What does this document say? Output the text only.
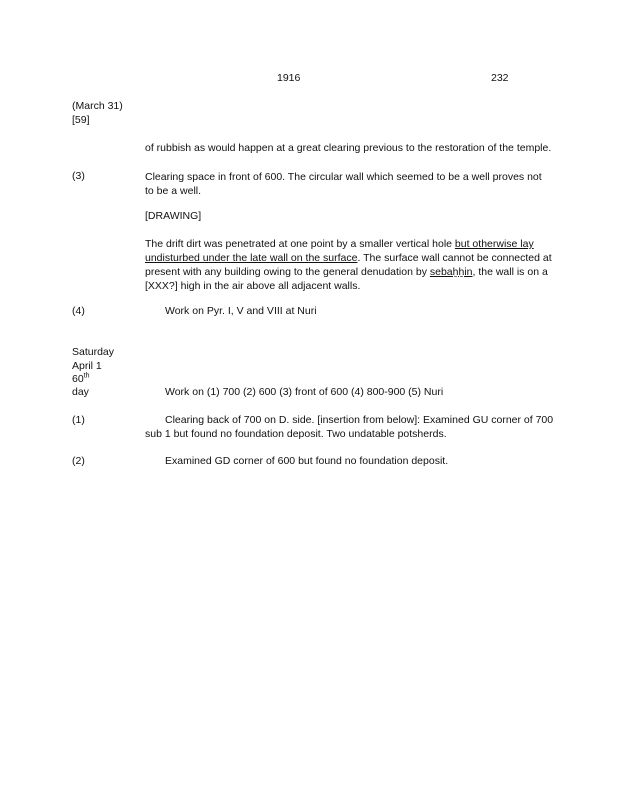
1916	232
(March 31)
[59]
of rubbish as would happen at a great clearing previous to the restoration of the temple.
(3)	Clearing space in front of 600. The circular wall which seemed to be a well proves not to be a well.
[DRAWING]
The drift dirt was penetrated at one point by a smaller vertical hole but otherwise lay undisturbed under the late wall on the surface. The surface wall cannot be connected at present with any building owing to the general denudation by sebaẖẖin, the wall is on a [XXX?] high in the air above all adjacent walls.
(4)	Work on Pyr. I, V and VIII at Nuri
Saturday
April 1
60th
day	Work on (1) 700 (2) 600 (3) front of 600 (4) 800-900 (5) Nuri
(1)	Clearing back of 700 on D. side. [insertion from below]: Examined GU corner of 700
sub 1 but found no foundation deposit. Two undatable potsherds.
(2)	Examined GD corner of 600 but found no foundation deposit.
